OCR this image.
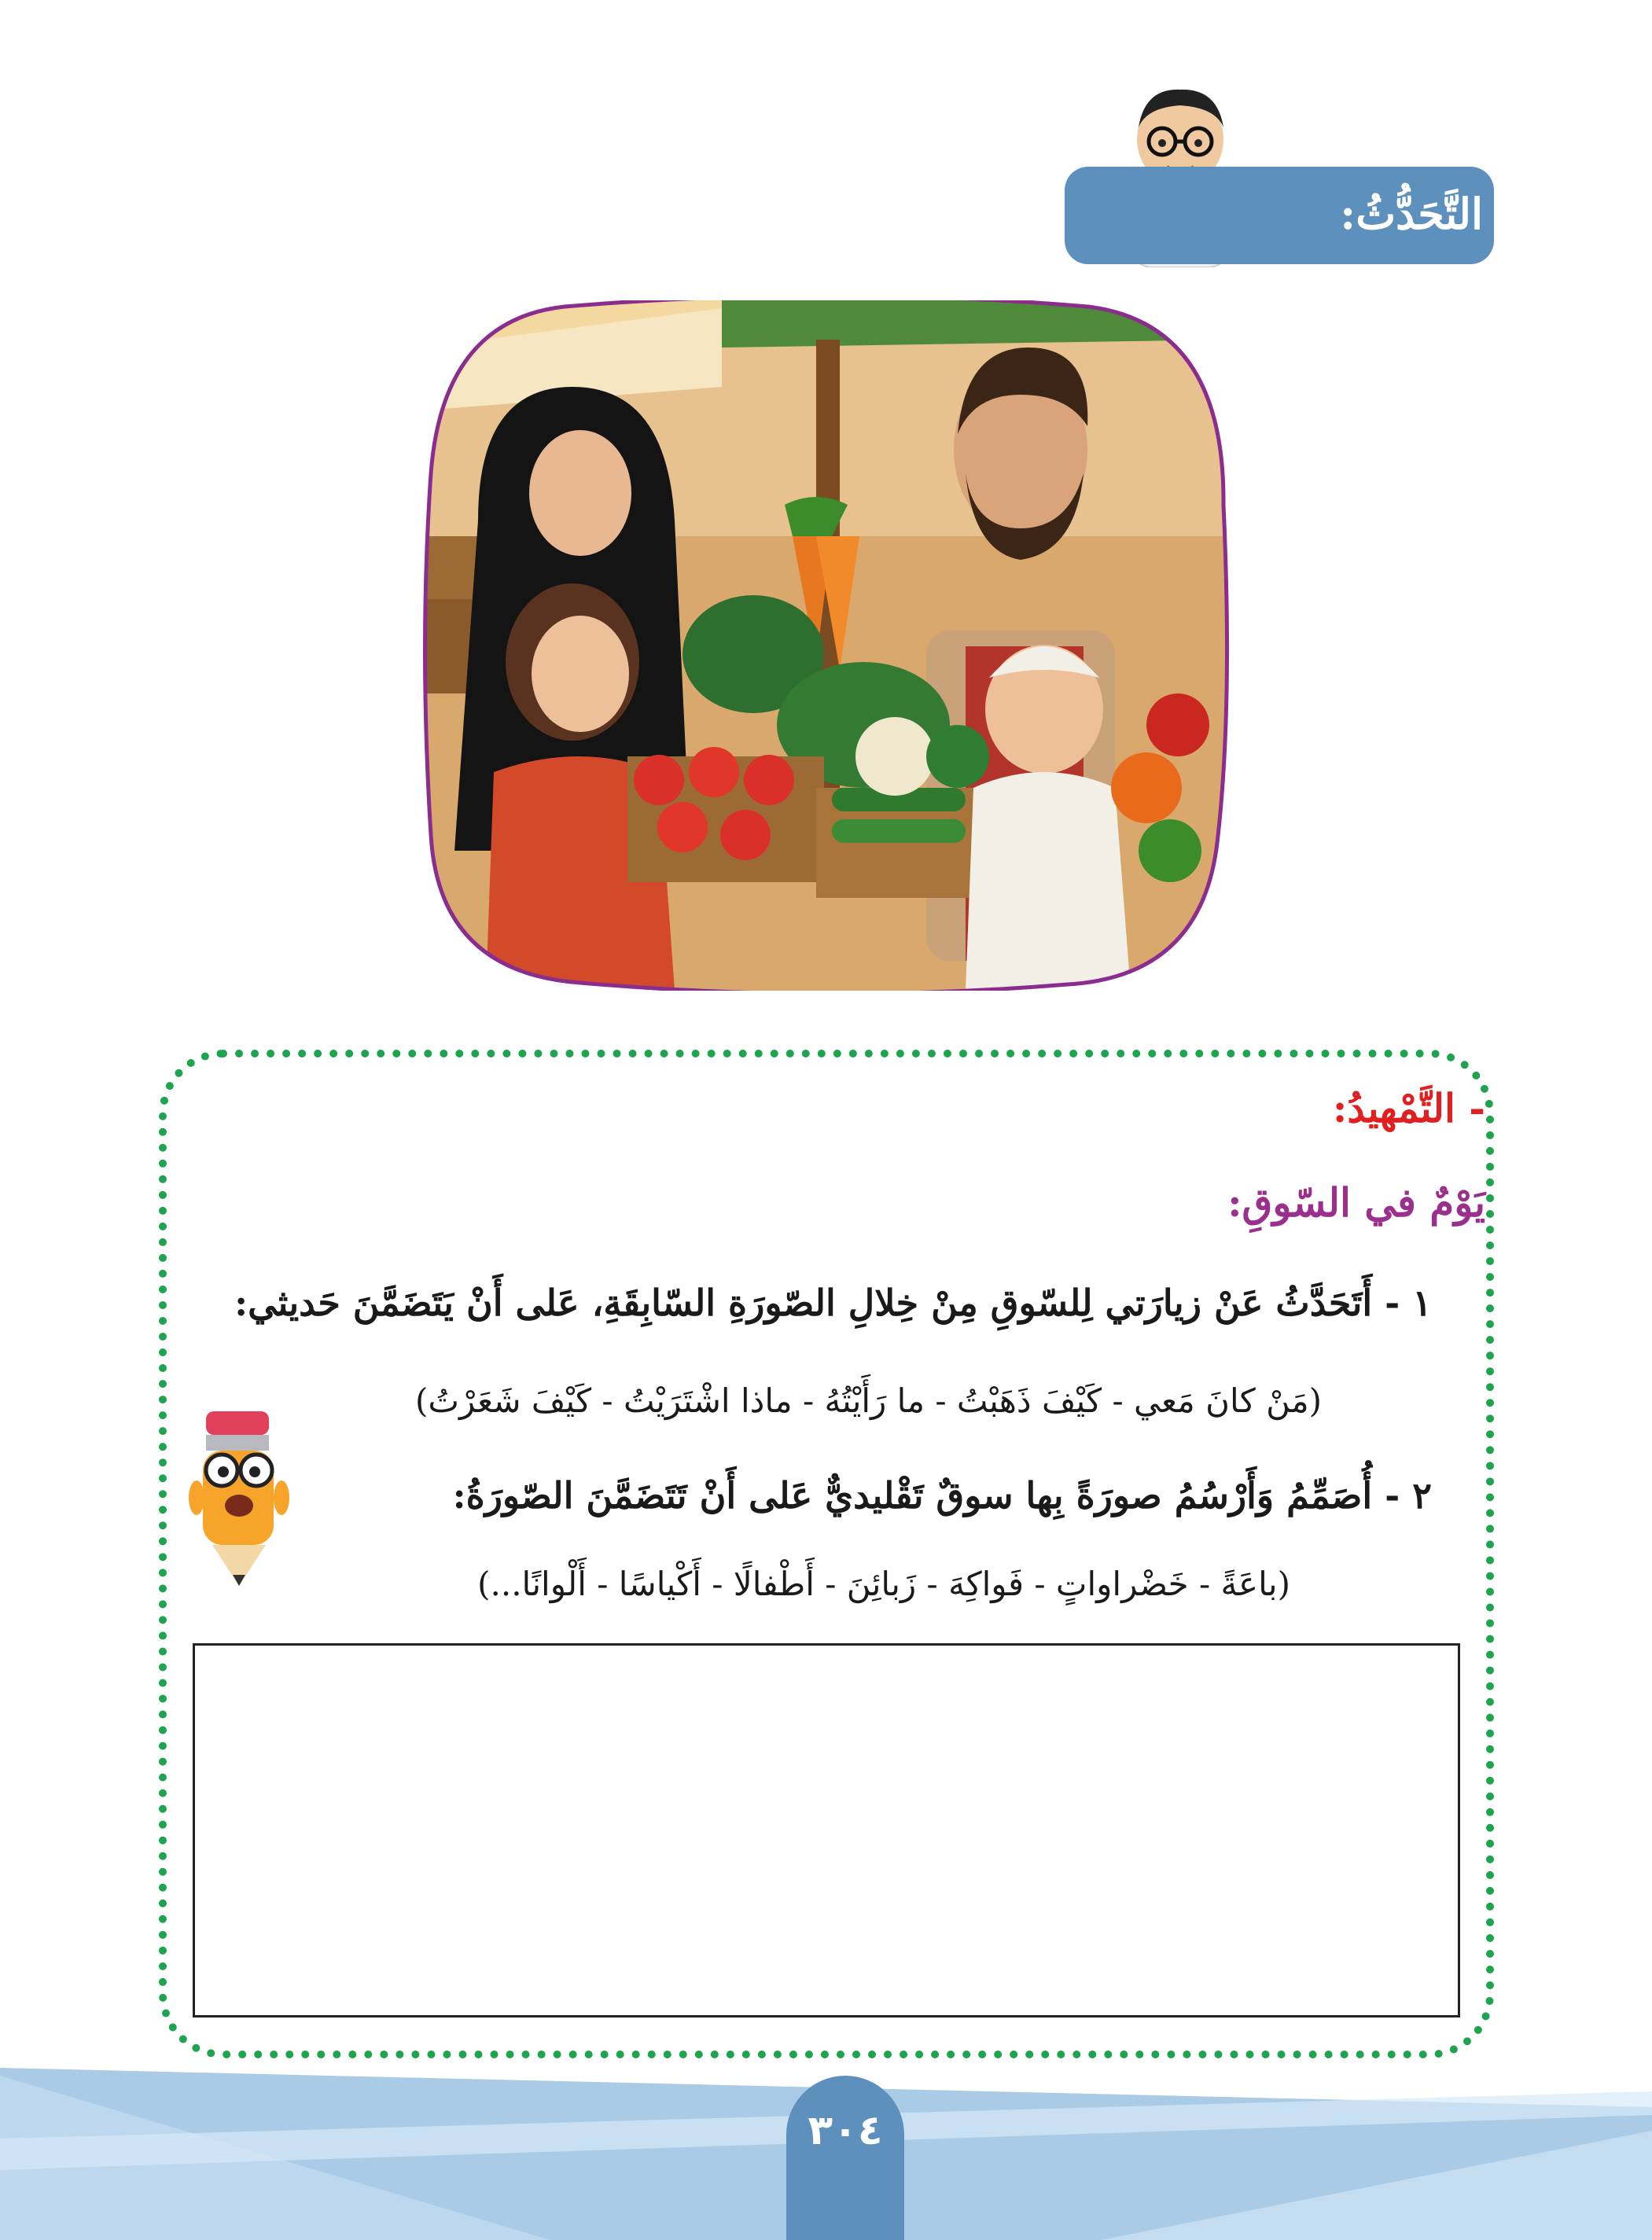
التَّحَدُّثُ:
- التَّمْهيدُ:
يَوْمٌ في السّوقِ:
١ - أَتَحَدَّثُ عَنْ زيارَتي لِلسّوقِ مِنْ خِلالِ الصّورَةِ السّابِقَةِ، عَلى أَنْ يَتَضَمَّنَ حَديثي:
(مَنْ كانَ مَعي - كَيْفَ ذَهَبْتُ - ما رَأَيْتُهُ - ماذا اشْتَرَيْتُ - كَيْفَ شَعَرْتُ)
٢ - أُصَمِّمُ وَأَرْسُمُ صورَةً بِها سوقٌ تَقْليديٌّ عَلى أَنْ تَتَضَمَّنَ الصّورَةُ:
(باعَةً - خَضْراواتٍ - فَواكِهَ - زَبائِنَ - أَطْفالًا - أَكْياسًا - أَلْوانًا...)
٣٠٤
